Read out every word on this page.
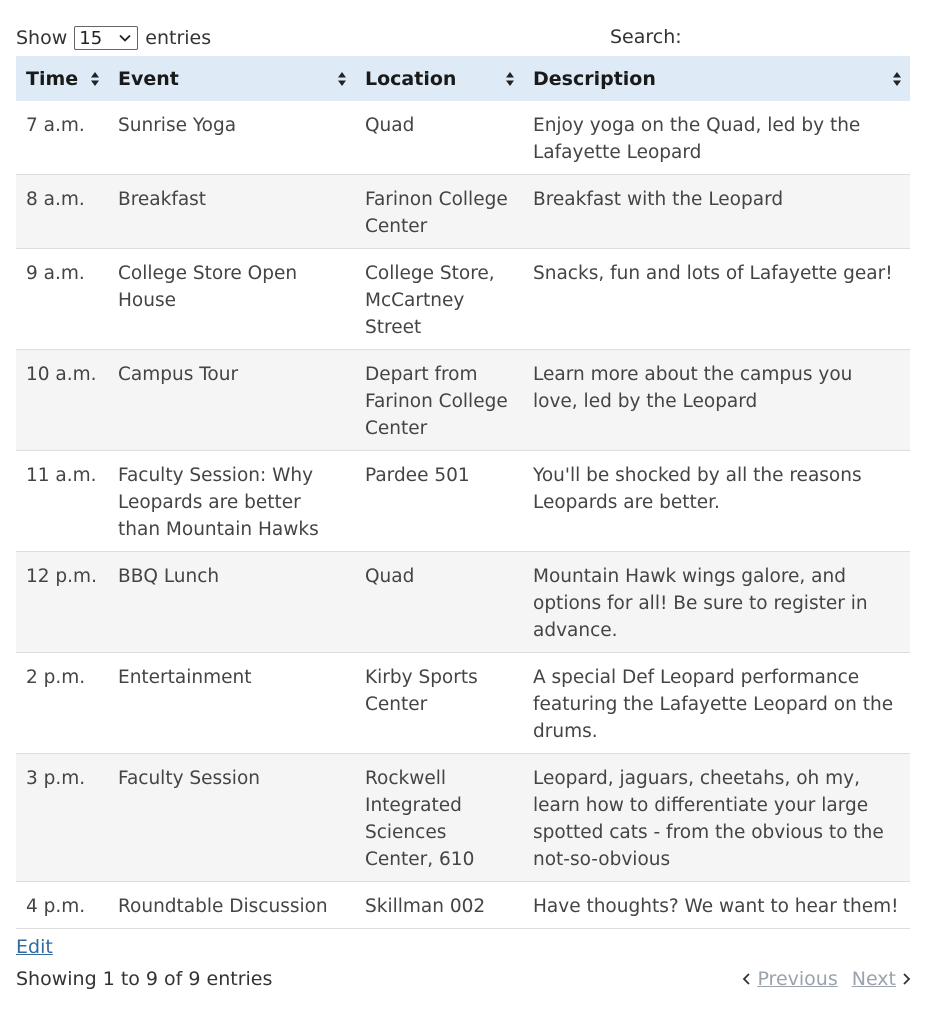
Show 15 entries	Search:
Time	Event	Location	Description

7 a.m.	Sunrise Yoga	Quad	Enjoy yoga on the Quad, led by the Lafayette Leopard
8 a.m.	Breakfast	Farinon College Center	Breakfast with the Leopard
9 a.m.	College Store Open House	College Store, McCartney Street	Snacks, fun and lots of Lafayette gear!
10 a.m.	Campus Tour	Depart from Farinon College Center	Learn more about the campus you love, led by the Leopard
11 a.m.	Faculty Session: Why Leopards are better than Mountain Hawks	Pardee 501	You'll be shocked by all the reasons Leopards are better.
12 p.m.	BBQ Lunch	Quad	Mountain Hawk wings galore, and options for all! Be sure to register in advance.
2 p.m.	Entertainment	Kirby Sports Center	A special Def Leopard performance featuring the Lafayette Leopard on the drums.
3 p.m.	Faculty Session	Rockwell Integrated Sciences Center, 610	Leopard, jaguars, cheetahs, oh my, learn how to differentiate your large spotted cats - from the obvious to the not-so-obvious
4 p.m.	Roundtable Discussion	Skillman 002	Have thoughts? We want to hear them!
Edit
Showing 1 to 9 of 9 entries	Previous Next
